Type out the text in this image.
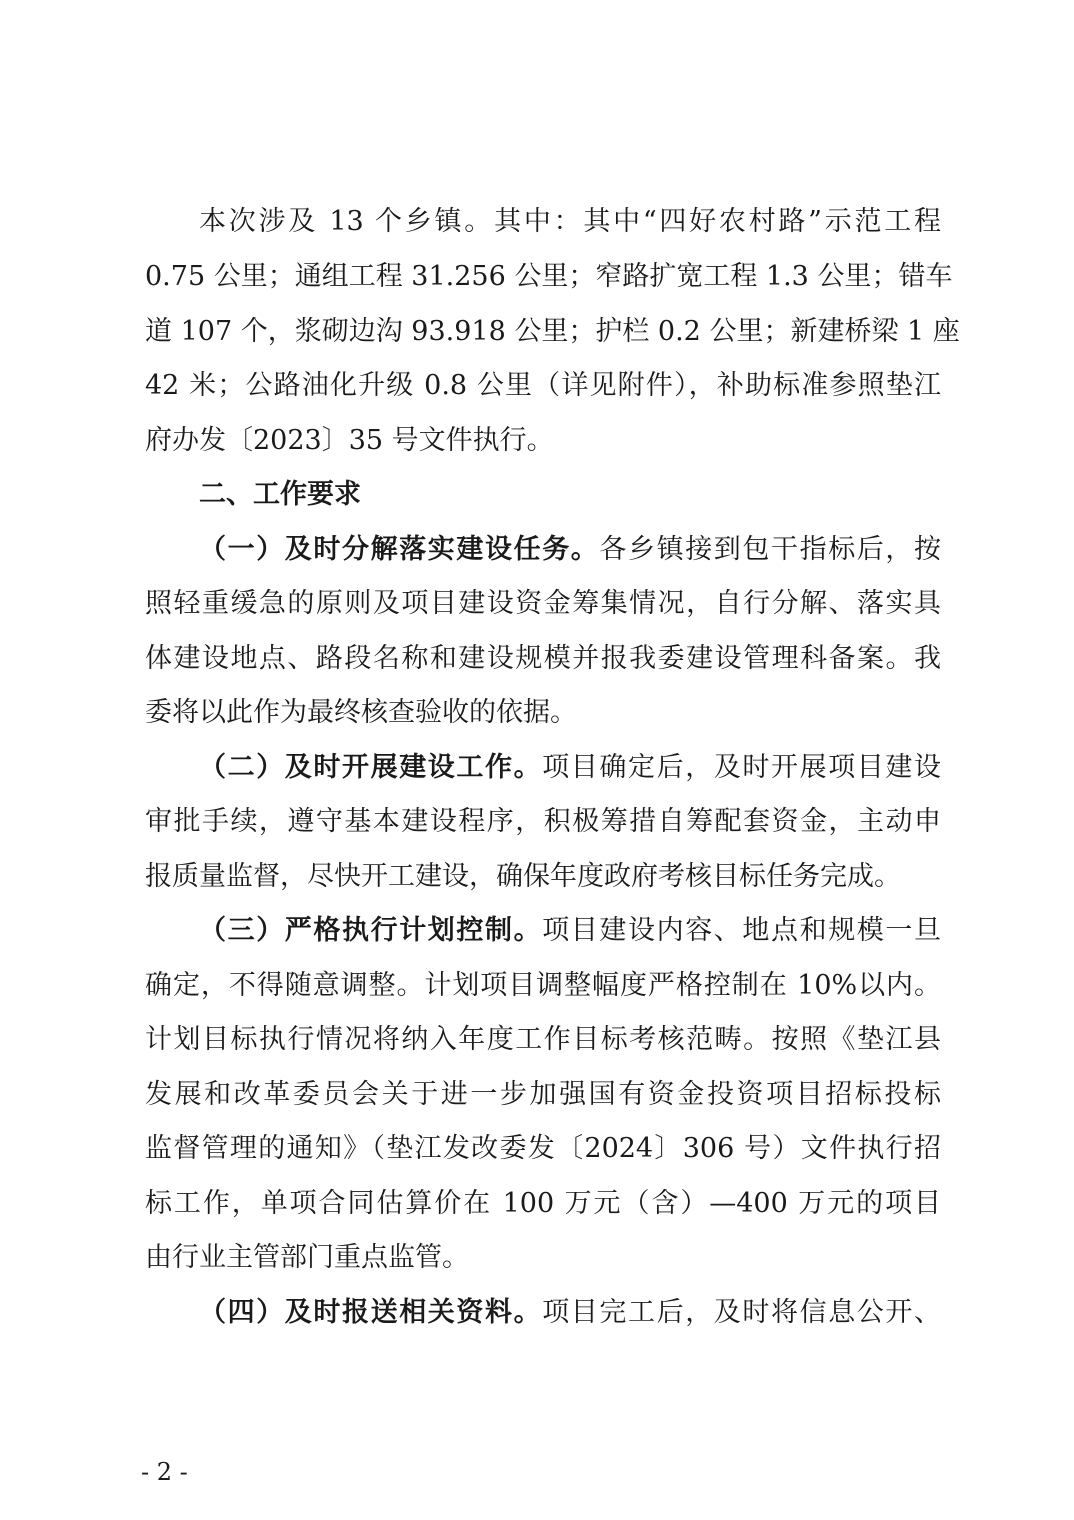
本次涉及 13 个乡镇。其中：其中“四好农村路”示范工程
0.75 公里；通组工程 31.256 公里；窄路扩宽工程 1.3 公里；错车
道 107 个，浆砌边沟 93.918 公里；护栏 0.2 公里；新建桥梁 1 座
42 米；公路油化升级 0.8 公里（详见附件），补助标准参照垫江
府办发〔2023〕35 号文件执行。
二、工作要求
（一）及时分解落实建设任务。各乡镇接到包干指标后，按
照轻重缓急的原则及项目建设资金筹集情况，自行分解、落实具
体建设地点、路段名称和建设规模并报我委建设管理科备案。我
委将以此作为最终核查验收的依据。
（二）及时开展建设工作。项目确定后，及时开展项目建设
审批手续，遵守基本建设程序，积极筹措自筹配套资金，主动申
报质量监督，尽快开工建设，确保年度政府考核目标任务完成。
（三）严格执行计划控制。项目建设内容、地点和规模一旦
确定，不得随意调整。计划项目调整幅度严格控制在 10%以内。
计划目标执行情况将纳入年度工作目标考核范畴。按照《垫江县
发展和改革委员会关于进一步加强国有资金投资项目招标投标
监督管理的通知》（垫江发改委发〔2024〕306 号）文件执行招
标工作，单项合同估算价在 100 万元（含）—400 万元的项目
由行业主管部门重点监管。
（四）及时报送相关资料。项目完工后，及时将信息公开、
- 2 -
